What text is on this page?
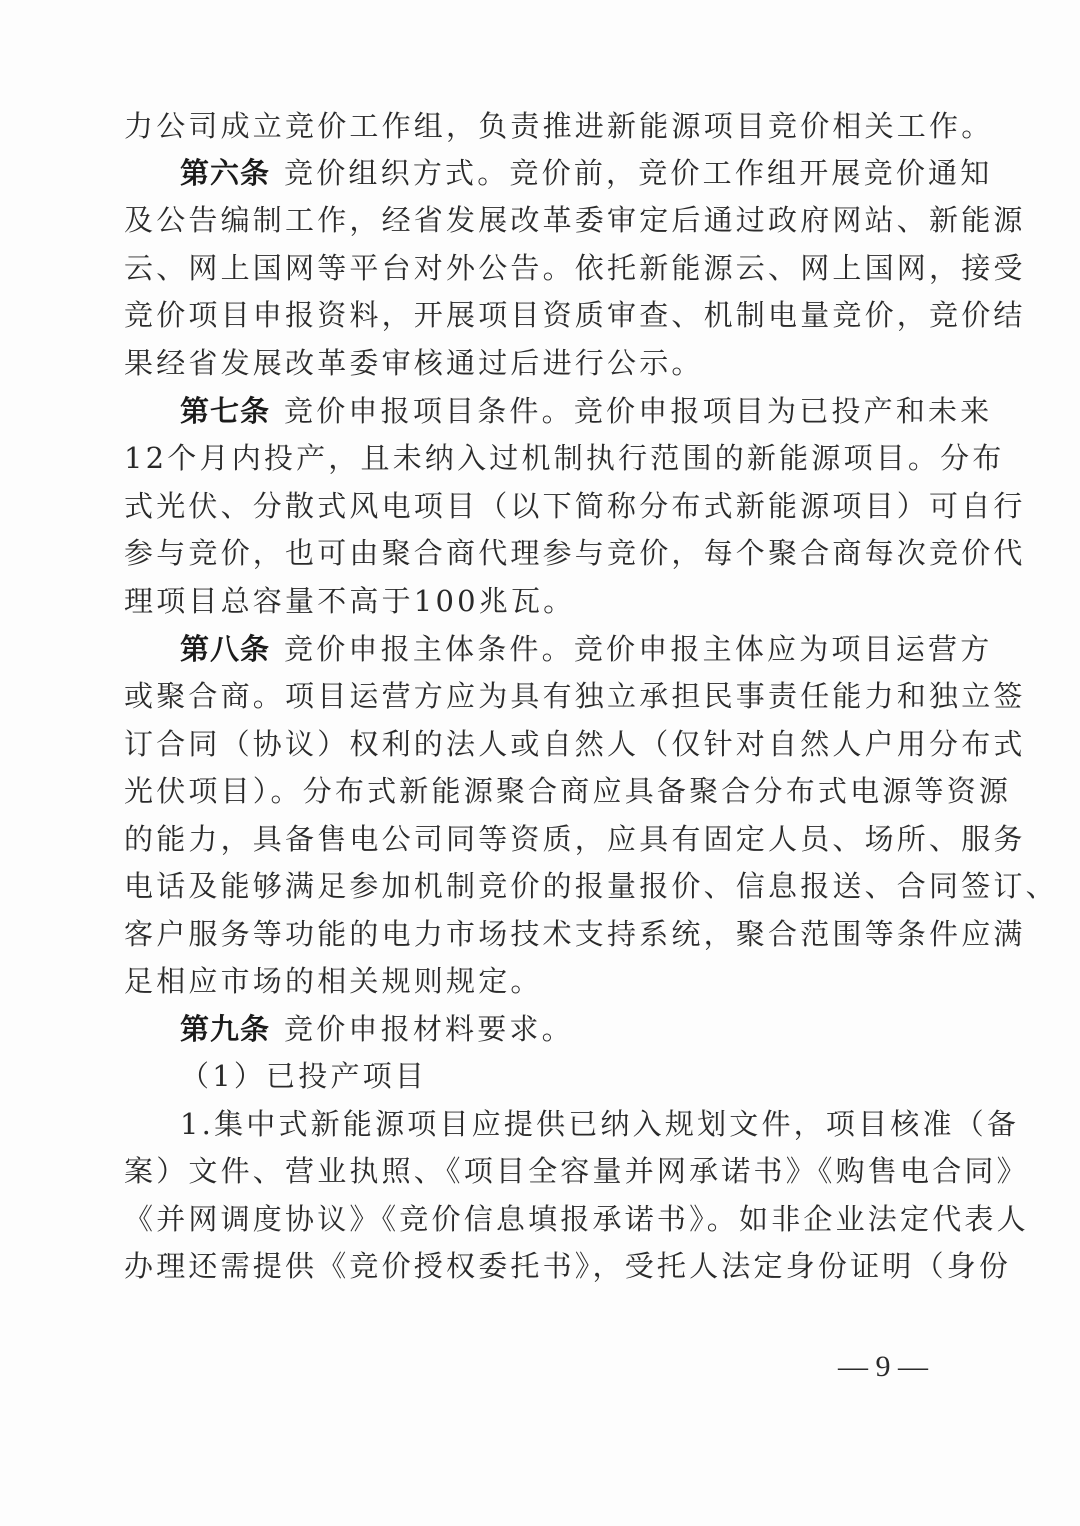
力公司成立竞价工作组，负责推进新能源项目竞价相关工作。
第六条 竞价组织方式。竞价前，竞价工作组开展竞价通知
及公告编制工作，经省发展改革委审定后通过政府网站、新能源
云、网上国网等平台对外公告。依托新能源云、网上国网，接受
竞价项目申报资料，开展项目资质审查、机制电量竞价，竞价结
果经省发展改革委审核通过后进行公示。
第七条 竞价申报项目条件。竞价申报项目为已投产和未来
12个月内投产，且未纳入过机制执行范围的新能源项目。分布
式光伏、分散式风电项目（以下简称分布式新能源项目）可自行
参与竞价，也可由聚合商代理参与竞价，每个聚合商每次竞价代
理项目总容量不高于100兆瓦。
第八条 竞价申报主体条件。竞价申报主体应为项目运营方
或聚合商。项目运营方应为具有独立承担民事责任能力和独立签
订合同（协议）权利的法人或自然人（仅针对自然人户用分布式
光伏项目）。分布式新能源聚合商应具备聚合分布式电源等资源
的能力，具备售电公司同等资质，应具有固定人员、场所、服务
电话及能够满足参加机制竞价的报量报价、信息报送、合同签订、
客户服务等功能的电力市场技术支持系统，聚合范围等条件应满
足相应市场的相关规则规定。
第九条 竞价申报材料要求。
（1）已投产项目
1.集中式新能源项目应提供已纳入规划文件，项目核准（备
案）文件、营业执照、《项目全容量并网承诺书》《购售电合同》
《并网调度协议》《竞价信息填报承诺书》。如非企业法定代表人
办理还需提供《竞价授权委托书》，受托人法定身份证明（身份
— 9 —
